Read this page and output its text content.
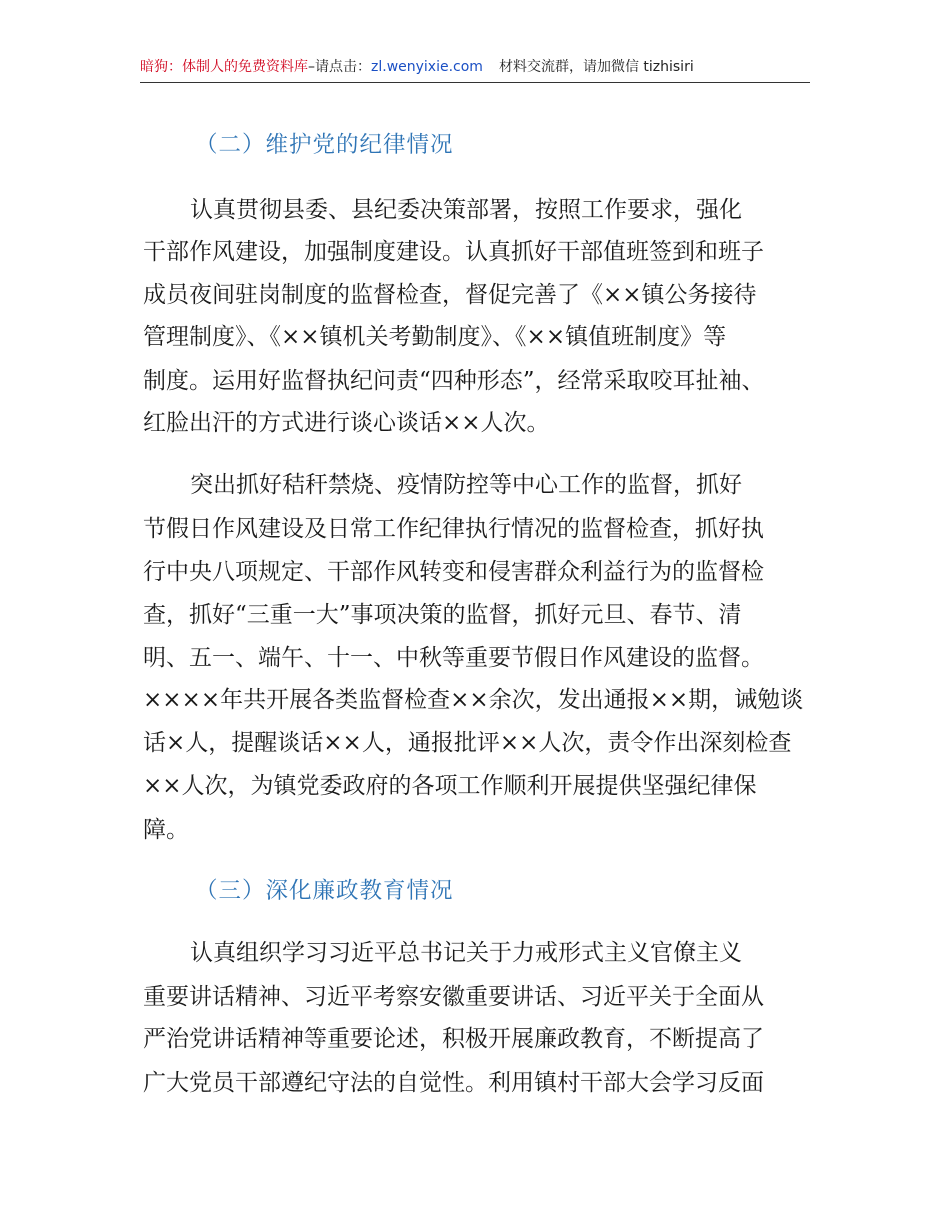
暗狗：体制人的免费资料库–请点击：zl.wenyixie.com 材料交流群，请加微信 tizhisiri
（二）维护党的纪律情况
认真贯彻县委、县纪委决策部署，按照工作要求，强化
干部作风建设，加强制度建设。认真抓好干部值班签到和班子
成员夜间驻岗制度的监督检查，督促完善了《××镇公务接待
管理制度》、《××镇机关考勤制度》、《××镇值班制度》等
制度。运用好监督执纪问责“四种形态”，经常采取咬耳扯袖、
红脸出汗的方式进行谈心谈话××人次。
突出抓好秸秆禁烧、疫情防控等中心工作的监督，抓好
节假日作风建设及日常工作纪律执行情况的监督检查，抓好执
行中央八项规定、干部作风转变和侵害群众利益行为的监督检
查，抓好“三重一大”事项决策的监督，抓好元旦、春节、清
明、五一、端午、十一、中秋等重要节假日作风建设的监督。
××××年共开展各类监督检查××余次，发出通报××期，诫勉谈
话×人，提醒谈话××人，通报批评××人次，责令作出深刻检查
××人次，为镇党委政府的各项工作顺利开展提供坚强纪律保
障。
（三）深化廉政教育情况
认真组织学习习近平总书记关于力戒形式主义官僚主义
重要讲话精神、习近平考察安徽重要讲话、习近平关于全面从
严治党讲话精神等重要论述，积极开展廉政教育，不断提高了
广大党员干部遵纪守法的自觉性。利用镇村干部大会学习反面
